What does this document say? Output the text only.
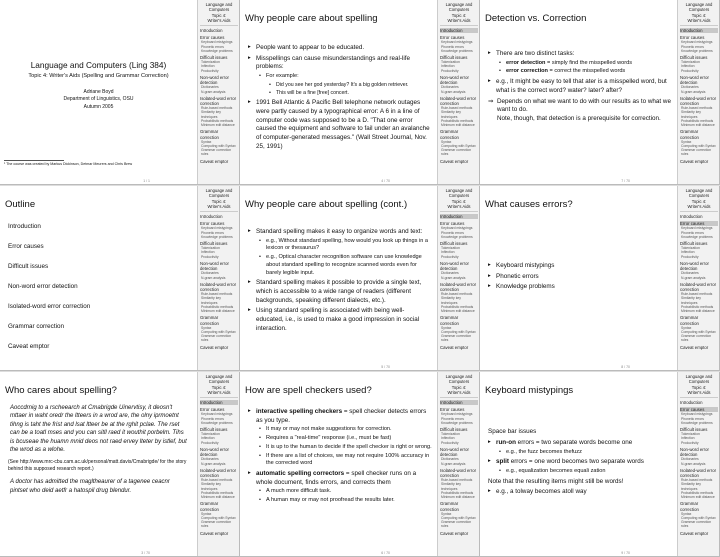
Language and Computers (Ling 384)
Topic 4: Writer's Aids (Spelling and Grammar Correction)
Adriane Boyd
Department of Linguistics, OSU
Autumn 2005
¹ The course was created by Markus Dickinson, Detmar Meurers and Chris Brew
1 / 1
Language and
Computers
Topic 4:
Writer's Aids
Introduction
Error causes
Keyboard mistypings
Phonetic errors
Knowledge problems
Difficult issues
Tokenization
Inflection
Productivity
Non-word error detection
Dictionaries
N-gram analysis
Isolated-word error correction
Rule-based methods
Similarity key techniques
Probabilistic methods
Minimum edit distance
Grammar correction
Syntax
Computing with Syntax
Grammar correction rules
Caveat emptor
Why people care about spelling
▸ People want to appear to be educated.
▸ Misspellings can cause misunderstandings and real-life problems:
• For example:
• Did you see her god yesterday? It's a big golden retriever.
• This will be a fine [free] concert.
▸ 1991 Bell Atlantic & Pacific Bell telephone network outages were partly caused by a typographical error: A 6 in a line of computer code was supposed to be a D. "That one error caused the equipment and software to fail under an avalanche of computer-generated messages." (Wall Street Journal, Nov. 25, 1991)
4 / 70
Language and
Computers
Topic 4:
Writer's Aids
Introduction
Error causes
Keyboard mistypings
Phonetic errors
Knowledge problems
Difficult issues
Tokenization
Inflection
Productivity
Non-word error detection
Dictionaries
N-gram analysis
Isolated-word error correction
Rule-based methods
Similarity key techniques
Probabilistic methods
Minimum edit distance
Grammar correction
Syntax
Computing with Syntax
Grammar correction rules
Caveat emptor
Detection vs. Correction
▸ There are two distinct tasks:
• error detection = simply find the misspelled words
• error correction = correct the misspelled words
▸ e.g., It might be easy to tell that ater is a misspelled word, but what is the correct word? water? later? after?
⇒ Depends on what we want to do with our results as to what we want to do.
Note, though, that detection is a prerequisite for correction.
7 / 70
Language and
Computers
Topic 4:
Writer's Aids
Introduction
Error causes
Keyboard mistypings
Phonetic errors
Knowledge problems
Difficult issues
Tokenization
Inflection
Productivity
Non-word error detection
Dictionaries
N-gram analysis
Isolated-word error correction
Rule-based methods
Similarity key techniques
Probabilistic methods
Minimum edit distance
Grammar correction
Syntax
Computing with Syntax
Grammar correction rules
Caveat emptor
Outline
Introduction
Error causes
Difficult issues
Non-word error detection
Isolated-word error correction
Grammar correction
Caveat emptor
Language and
Computers
Topic 4:
Writer's Aids
Introduction
Error causes
Keyboard mistypings
Phonetic errors
Knowledge problems
Difficult issues
Tokenization
Inflection
Productivity
Non-word error detection
Dictionaries
N-gram analysis
Isolated-word error correction
Rule-based methods
Similarity key techniques
Probabilistic methods
Minimum edit distance
Grammar correction
Syntax
Computing with Syntax
Grammar correction rules
Caveat emptor
Why people care about spelling (cont.)
▸ Standard spelling makes it easy to organize words and text:
• e.g., Without standard spelling, how would you look up things in a lexicon or thesaurus?
• e.g., Optical character recognition software can use knowledge about standard spelling to recognize scanned words even for barely legible input.
▸ Standard spelling makes it possible to provide a single text, which is accessible to a wide range of readers (different backgrounds, speaking different dialects, etc.).
▸ Using standard spelling is associated with being well-educated, i.e., is used to make a good impression in social interaction.
5 / 70
Language and
Computers
Topic 4:
Writer's Aids
Introduction
Error causes
Keyboard mistypings
Phonetic errors
Knowledge problems
Difficult issues
Tokenization
Inflection
Productivity
Non-word error detection
Dictionaries
N-gram analysis
Isolated-word error correction
Rule-based methods
Similarity key techniques
Probabilistic methods
Minimum edit distance
Grammar correction
Syntax
Computing with Syntax
Grammar correction rules
Caveat emptor
What causes errors?
▸ Keyboard mistypings
▸ Phonetic errors
▸ Knowledge problems
8 / 70
Language and
Computers
Topic 4:
Writer's Aids
Introduction
Error causes
Keyboard mistypings
Phonetic errors
Knowledge problems
Difficult issues
Tokenization
Inflection
Productivity
Non-word error detection
Dictionaries
N-gram analysis
Isolated-word error correction
Rule-based methods
Similarity key techniques
Probabilistic methods
Minimum edit distance
Grammar correction
Syntax
Computing with Syntax
Grammar correction rules
Caveat emptor
Who cares about spelling?
Aoccdrnig to a rscheearch at Cmabrigde Uinervtisy, it deosn't mttaer in waht oredr the ltteers in a wrod are, the olny iprmoetnt tihng is taht the frist and lsat ltteer be at the rghit pclae. The rset can be a toatl mses and you can sitll raed it wouthit porbelm. Tihs is bcuseae the huamn mnid deos not raed ervey lteter by istlef, but the wrod as a wlohe.
(See http://www.mrc-cbu.cam.ac.uk/personal/matt.davis/Cmabrigde/ for the story behind this supposed research report.)
A doctor has admitted the magltheaurer of a tagenee ceacnr pintset who deid aetfr a hatospil drug blendur.
3 / 70
Language and
Computers
Topic 4:
Writer's Aids
Introduction
Error causes
Keyboard mistypings
Phonetic errors
Knowledge problems
Difficult issues
Tokenization
Inflection
Productivity
Non-word error detection
Dictionaries
N-gram analysis
Isolated-word error correction
Rule-based methods
Similarity key techniques
Probabilistic methods
Minimum edit distance
Grammar correction
Syntax
Computing with Syntax
Grammar correction rules
Caveat emptor
How are spell checkers used?
▸ interactive spelling checkers = spell checker detects errors as you type.
• It may or may not make suggestions for correction.
• Requires a "real-time" response (i.e., must be fast)
• It is up to the human to decide if the spell checker is right or wrong.
• If there are a list of choices, we may not require 100% accuracy in the corrected word
▸ automatic spelling correctors = spell checker runs on a whole document, finds errors, and corrects them
• A much more difficult task.
• A human may or may not proofread the results later.
6 / 70
Language and
Computers
Topic 4:
Writer's Aids
Introduction
Error causes
Keyboard mistypings
Phonetic errors
Knowledge problems
Difficult issues
Tokenization
Inflection
Productivity
Non-word error detection
Dictionaries
N-gram analysis
Isolated-word error correction
Rule-based methods
Similarity key techniques
Probabilistic methods
Minimum edit distance
Grammar correction
Syntax
Computing with Syntax
Grammar correction rules
Caveat emptor
Keyboard mistypings
Space bar issues
▸ run-on errors = two separate words become one
• e.g., the fuzz becomes thefuzz
▸ split errors = one word becomes two separate words
• e.g., equalization becomes equali zation
Note that the resulting items might still be words!
▸ e.g., a tolway becomes atoll way
9 / 70
Language and
Computers
Topic 4:
Writer's Aids
Introduction
Error causes
Keyboard mistypings
Phonetic errors
Knowledge problems
Difficult issues
Tokenization
Inflection
Productivity
Non-word error detection
Dictionaries
N-gram analysis
Isolated-word error correction
Rule-based methods
Similarity key techniques
Probabilistic methods
Minimum edit distance
Grammar correction
Syntax
Computing with Syntax
Grammar correction rules
Caveat emptor
